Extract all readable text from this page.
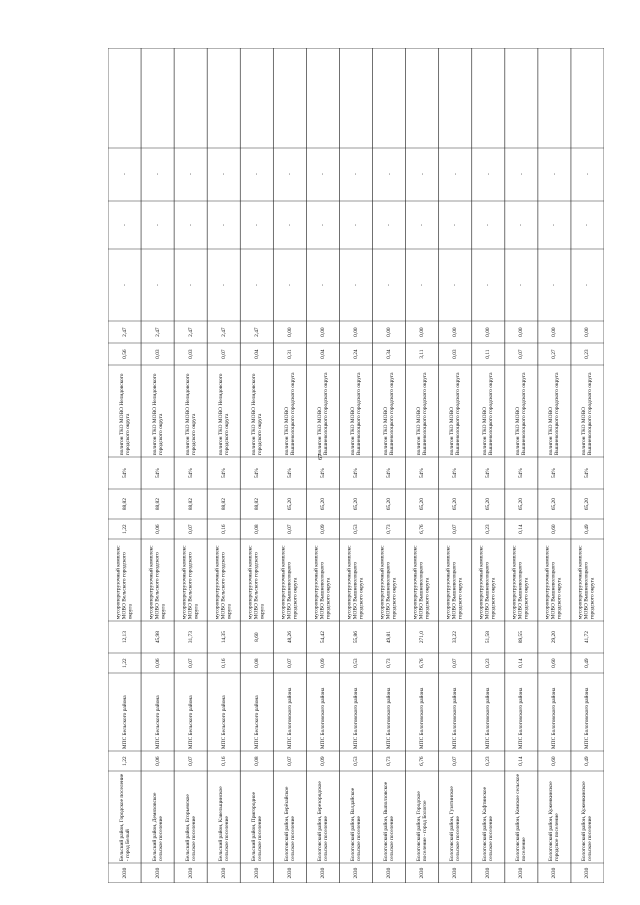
67
2030
Бельский район, Городское поселение - город Белый
1,22
МПС Бельского района
1,22
12,13
мусороперегрузочный комплекс МОВО Вельского городского округа
1,22
88,82
54%
полигон ТКО МОВО Нелидовского городского округа
0,56
2,47
-
-
-
2030
Бельский район, Демяховское сельское поселение
0,06
МПС Бельского района
0,06
45,98
мусороперегрузочный комплекс МОВО Вельского городского округа
0,06
88,82
54%
полигон ТКО МОВО Нелидовского городского округа
0,03
2,47
-
-
-
2030
Бельский район, Егорьевское сельское поселение
0,07
МПС Бельского района
0,07
31,73
мусороперегрузочный комплекс МОВО Вельского городского округа
0,07
88,82
54%
полигон ТКО МОВО Нелидовского городского округа
0,03
2,47
-
-
-
2030
Бельский район, Кавельщинское сельское поселение
0,16
МПС Бельского района
0,16
14,35
мусороперегрузочный комплекс МОВО Вельского городского округа
0,16
88,82
54%
полигон ТКО МОВО Нелидовского городского округа
0,07
2,47
-
-
-
2030
Бельский район, Пригородное сельское поселение
0,08
МПС Бельского района
0,08
8,60
мусороперегрузочный комплекс МОВО Вельского городского округа
0,08
88,82
54%
полигон ТКО МОВО Нелидовского городского округа
0,04
2,47
-
-
-
2030
Бологовский район, Берёзайское сельское поселение
0,07
МПС Бологовского района
0,07
48,26
мусороперегрузочный комплекс МОВО Вышневолоцкого городского округа
0,07
65,20
54%
полигон ТКО МОВО Вышневолоцкого городского округа
0,31
0,00
-
-
-
2030
Бологовский район, Березорядское сельское поселение
0,09
МПС Бологовского района
0,09
54,42
мусороперегрузочный комплекс МОВО Вышневолоцкого городского округа
0,09
65,20
54%
полигон ТКО МОВО Вышневолоцкого городского округа
0,04
0,00
-
-
-
2030
Бологовский район, Валдайское сельское поселение
0,53
МПС Бологовского района
0,53
55,86
мусороперегрузочный комплекс МОВО Вышневолоцкого городского округа
0,53
65,20
54%
полигон ТКО МОВО Вышневолоцкого городского округа
0,24
0,00
-
-
-
2030
Бологовский район, Выползовское сельское поселение
0,73
МПС Бологовского района
0,73
49,81
мусороперегрузочный комплекс МОВО Вышневолоцкого городского округа
0,73
65,20
54%
полигон ТКО МОВО Вышневолоцкого городского округа
0,34
0,00
-
-
-
2030
Бологовский район, Городское поселение - город Бологое
6,76
МПС Бологовского района
6,76
271,0
мусороперегрузочный комплекс МОВО Вышневолоцкого городского округа
6,76
65,20
54%
полигон ТКО МОВО Вышневолоцкого городского округа
3,11
0,00
-
-
-
2030
Бологовский район, Гузятинское сельское поселение
0,07
МПС Бологовского района
0,07
33,22
мусороперегрузочный комплекс МОВО Вышневолоцкого городского округа
0,07
65,20
54%
полигон ТКО МОВО Вышневолоцкого городского округа
0,03
0,00
-
-
-
2030
Бологовский район, Кафтинское сельское поселение
0,23
МПС Бологовского района
0,23
51,58
мусороперегрузочный комплекс МОВО Вышневолоцкого городского округа
0,23
65,20
54%
полигон ТКО МОВО Вышневолоцкого городского округа
0,11
0,00
-
-
-
2030
Бологовский район, Комское сельское поселение
0,14
МПС Бологовского района
0,14
89,55
мусороперегрузочный комплекс МОВО Вышневолоцкого городского округа
0,14
65,20
54%
полигон ТКО МОВО Вышневолоцкого городского округа
0,07
0,00
-
-
-
2030
Бологовский район, Куженкинское городское поселение
0,60
МПС Бологовского района
0,60
29,20
мусороперегрузочный комплекс МОВО Вышневолоцкого городского округа
0,60
65,20
54%
полигон ТКО МОВО Вышневолоцкого городского округа
0,27
0,00
-
-
-
2030
Бологовский район, Куженкинское сельское поселение
0,49
МПС Бологовского района
0,49
41,72
мусороперегрузочный комплекс МОВО Вышневолоцкого городского округа
0,49
65,20
54%
полигон ТКО МОВО Вышневолоцкого городского округа
0,23
0,00
-
-
-
